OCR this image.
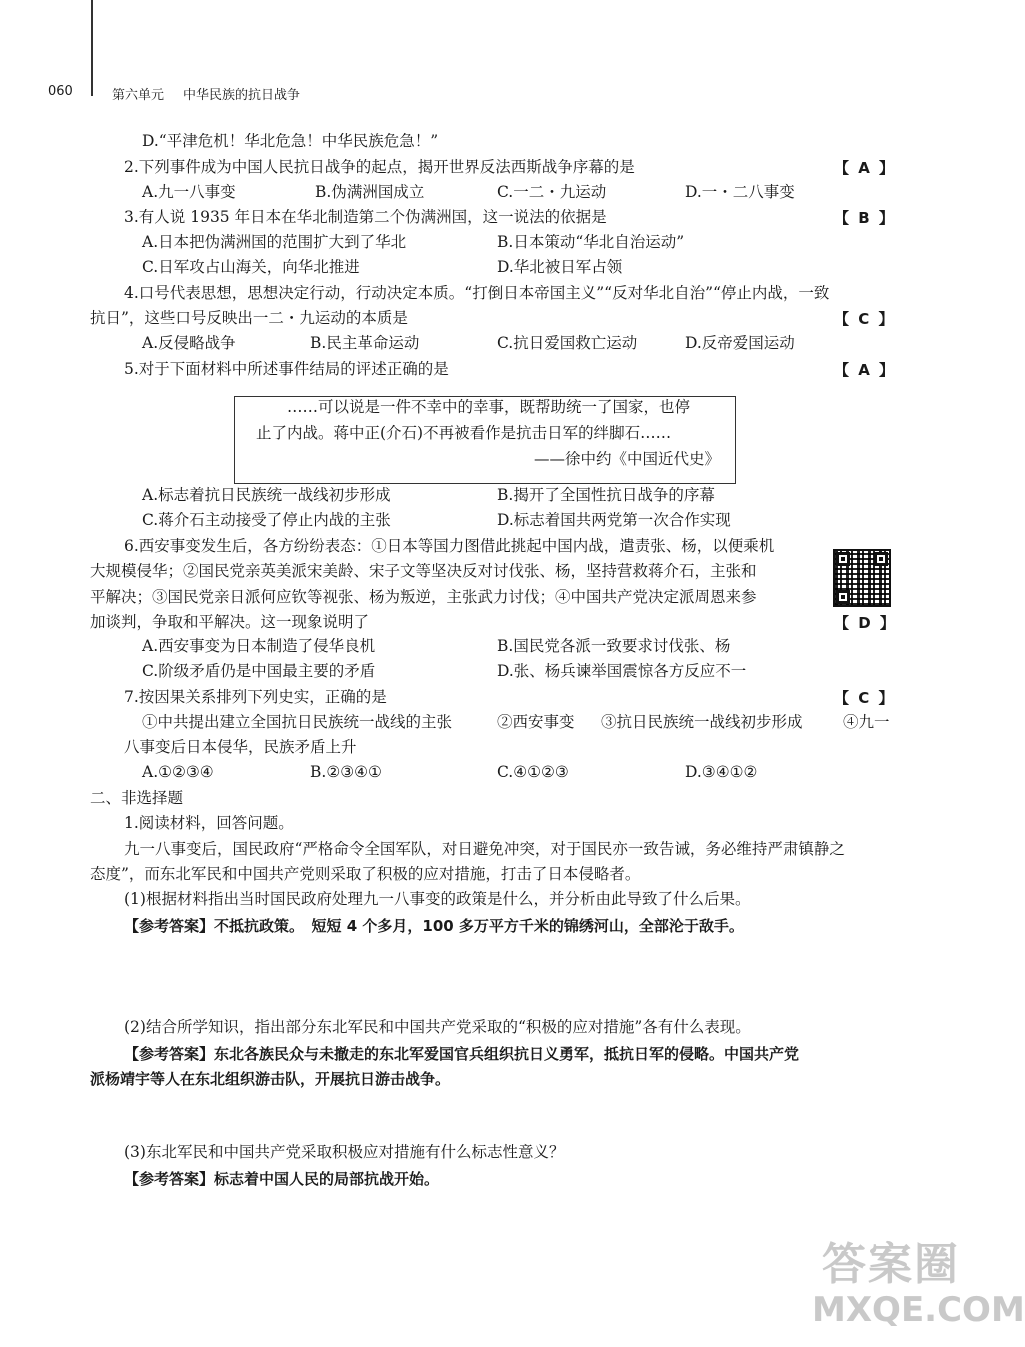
060	第六单元 中华民族的抗日战争
D.“平津危机！华北危急！中华民族危急！”
2.下列事件成为中国人民抗日战争的起点，揭开世界反法西斯战争序幕的是
A.九一八事变	B.伪满洲国成立	C.一二・九运动	D.一・二八事变
3.有人说 1935 年日本在华北制造第二个伪满洲国，这一说法的依据是
A.日本把伪满洲国的范围扩大到了华北	B.日本策动“华北自治运动”
C.日军攻占山海关，向华北推进	D.华北被日军占领
4.口号代表思想，思想决定行动，行动决定本质。“打倒日本帝国主义”“反对华北自治”“停止内战，一致
抗日”，这些口号反映出一二・九运动的本质是
A.反侵略战争	B.民主革命运动	C.抗日爱国救亡运动	D.反帝爱国运动
5.对于下面材料中所述事件结局的评述正确的是
……可以说是一件不幸中的幸事，既帮助统一了国家，也停
止了内战。蒋中正(介石)不再被看作是抗击日军的绊脚石……
——徐中约《中国近代史》
A.标志着抗日民族统一战线初步形成	B.揭开了全国性抗日战争的序幕
C.蒋介石主动接受了停止内战的主张	D.标志着国共两党第一次合作实现
6.西安事变发生后，各方纷纷表态：①日本等国力图借此挑起中国内战，遣责张、杨，以便乘机
大规模侵华；②国民党亲英美派宋美龄、宋子文等坚决反对讨伐张、杨，坚持营救蒋介石，主张和
平解决；③国民党亲日派何应钦等视张、杨为叛逆，主张武力讨伐；④中国共产党决定派周恩来参
加谈判，争取和平解决。这一现象说明了
A.西安事变为日本制造了侵华良机	B.国民党各派一致要求讨伐张、杨
C.阶级矛盾仍是中国最主要的矛盾	D.张、杨兵谏举国震惊各方反应不一
7.按因果关系排列下列史实，正确的是
①中共提出建立全国抗日民族统一战线的主张	②西安事变 ③抗日民族统一战线初步形成	④九一
八事变后日本侵华，民族矛盾上升
A.①②③④	B.②③④①	C.④①②③	D.③④①②
二、非选择题
1.阅读材料，回答问题。
九一八事变后，国民政府“严格命令全国军队，对日避免冲突，对于国民亦一致告诫，务必维持严肃镇静之
态度”，而东北军民和中国共产党则采取了积极的应对措施，打击了日本侵略者。
(1)根据材料指出当时国民政府处理九一八事变的政策是什么，并分析由此导致了什么后果。
(2)结合所学知识，指出部分东北军民和中国共产党采取的“积极的应对措施”各有什么表现。
(3)东北军民和中国共产党采取积极应对措施有什么标志性意义？
【参考答案】不抵抗政策。　短短 4 个多月，100 多万平方千米的锦绣河山，全部沦于敌手。
【参考答案】东北各族民众与未撤走的东北军爱国官兵组织抗日义勇军，抵抗日军的侵略。中国共产党
派杨靖宇等人在东北组织游击队，开展抗日游击战争。
【参考答案】标志着中国人民的局部抗战开始。
【 A 】
【 B 】
【 C 】
【 A 】
【 D 】
【 C 】
答案圈
MXQE.COM
